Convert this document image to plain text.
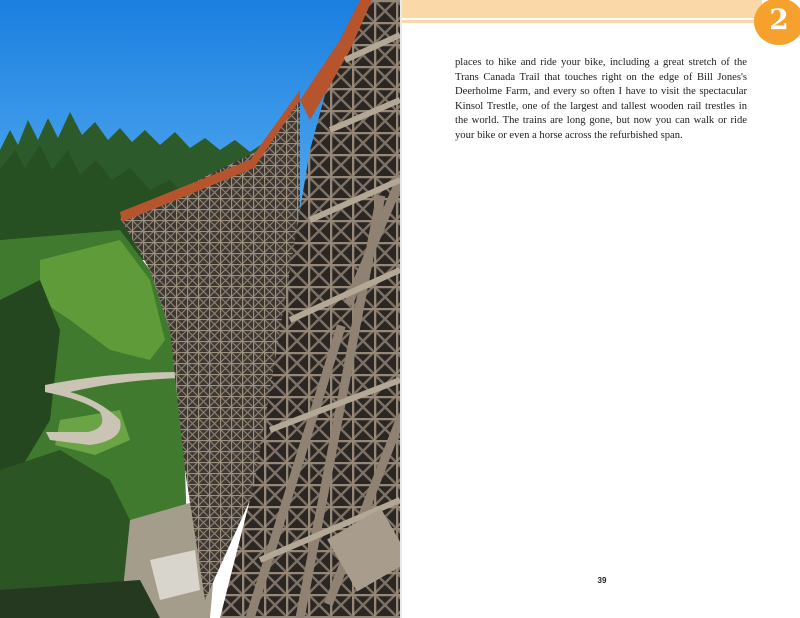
2

places to hike and ride your bike, including a great stretch of the Trans Canada Trail that touches right on the edge of Bill Jones's Deerholme Farm, and every so often I have to visit the spectacular Kinsol Trestle, one of the largest and tallest wooden rail trestles in the world. The trains are long gone, but now you can walk or ride your bike or even a horse across the refurbished span.

39
